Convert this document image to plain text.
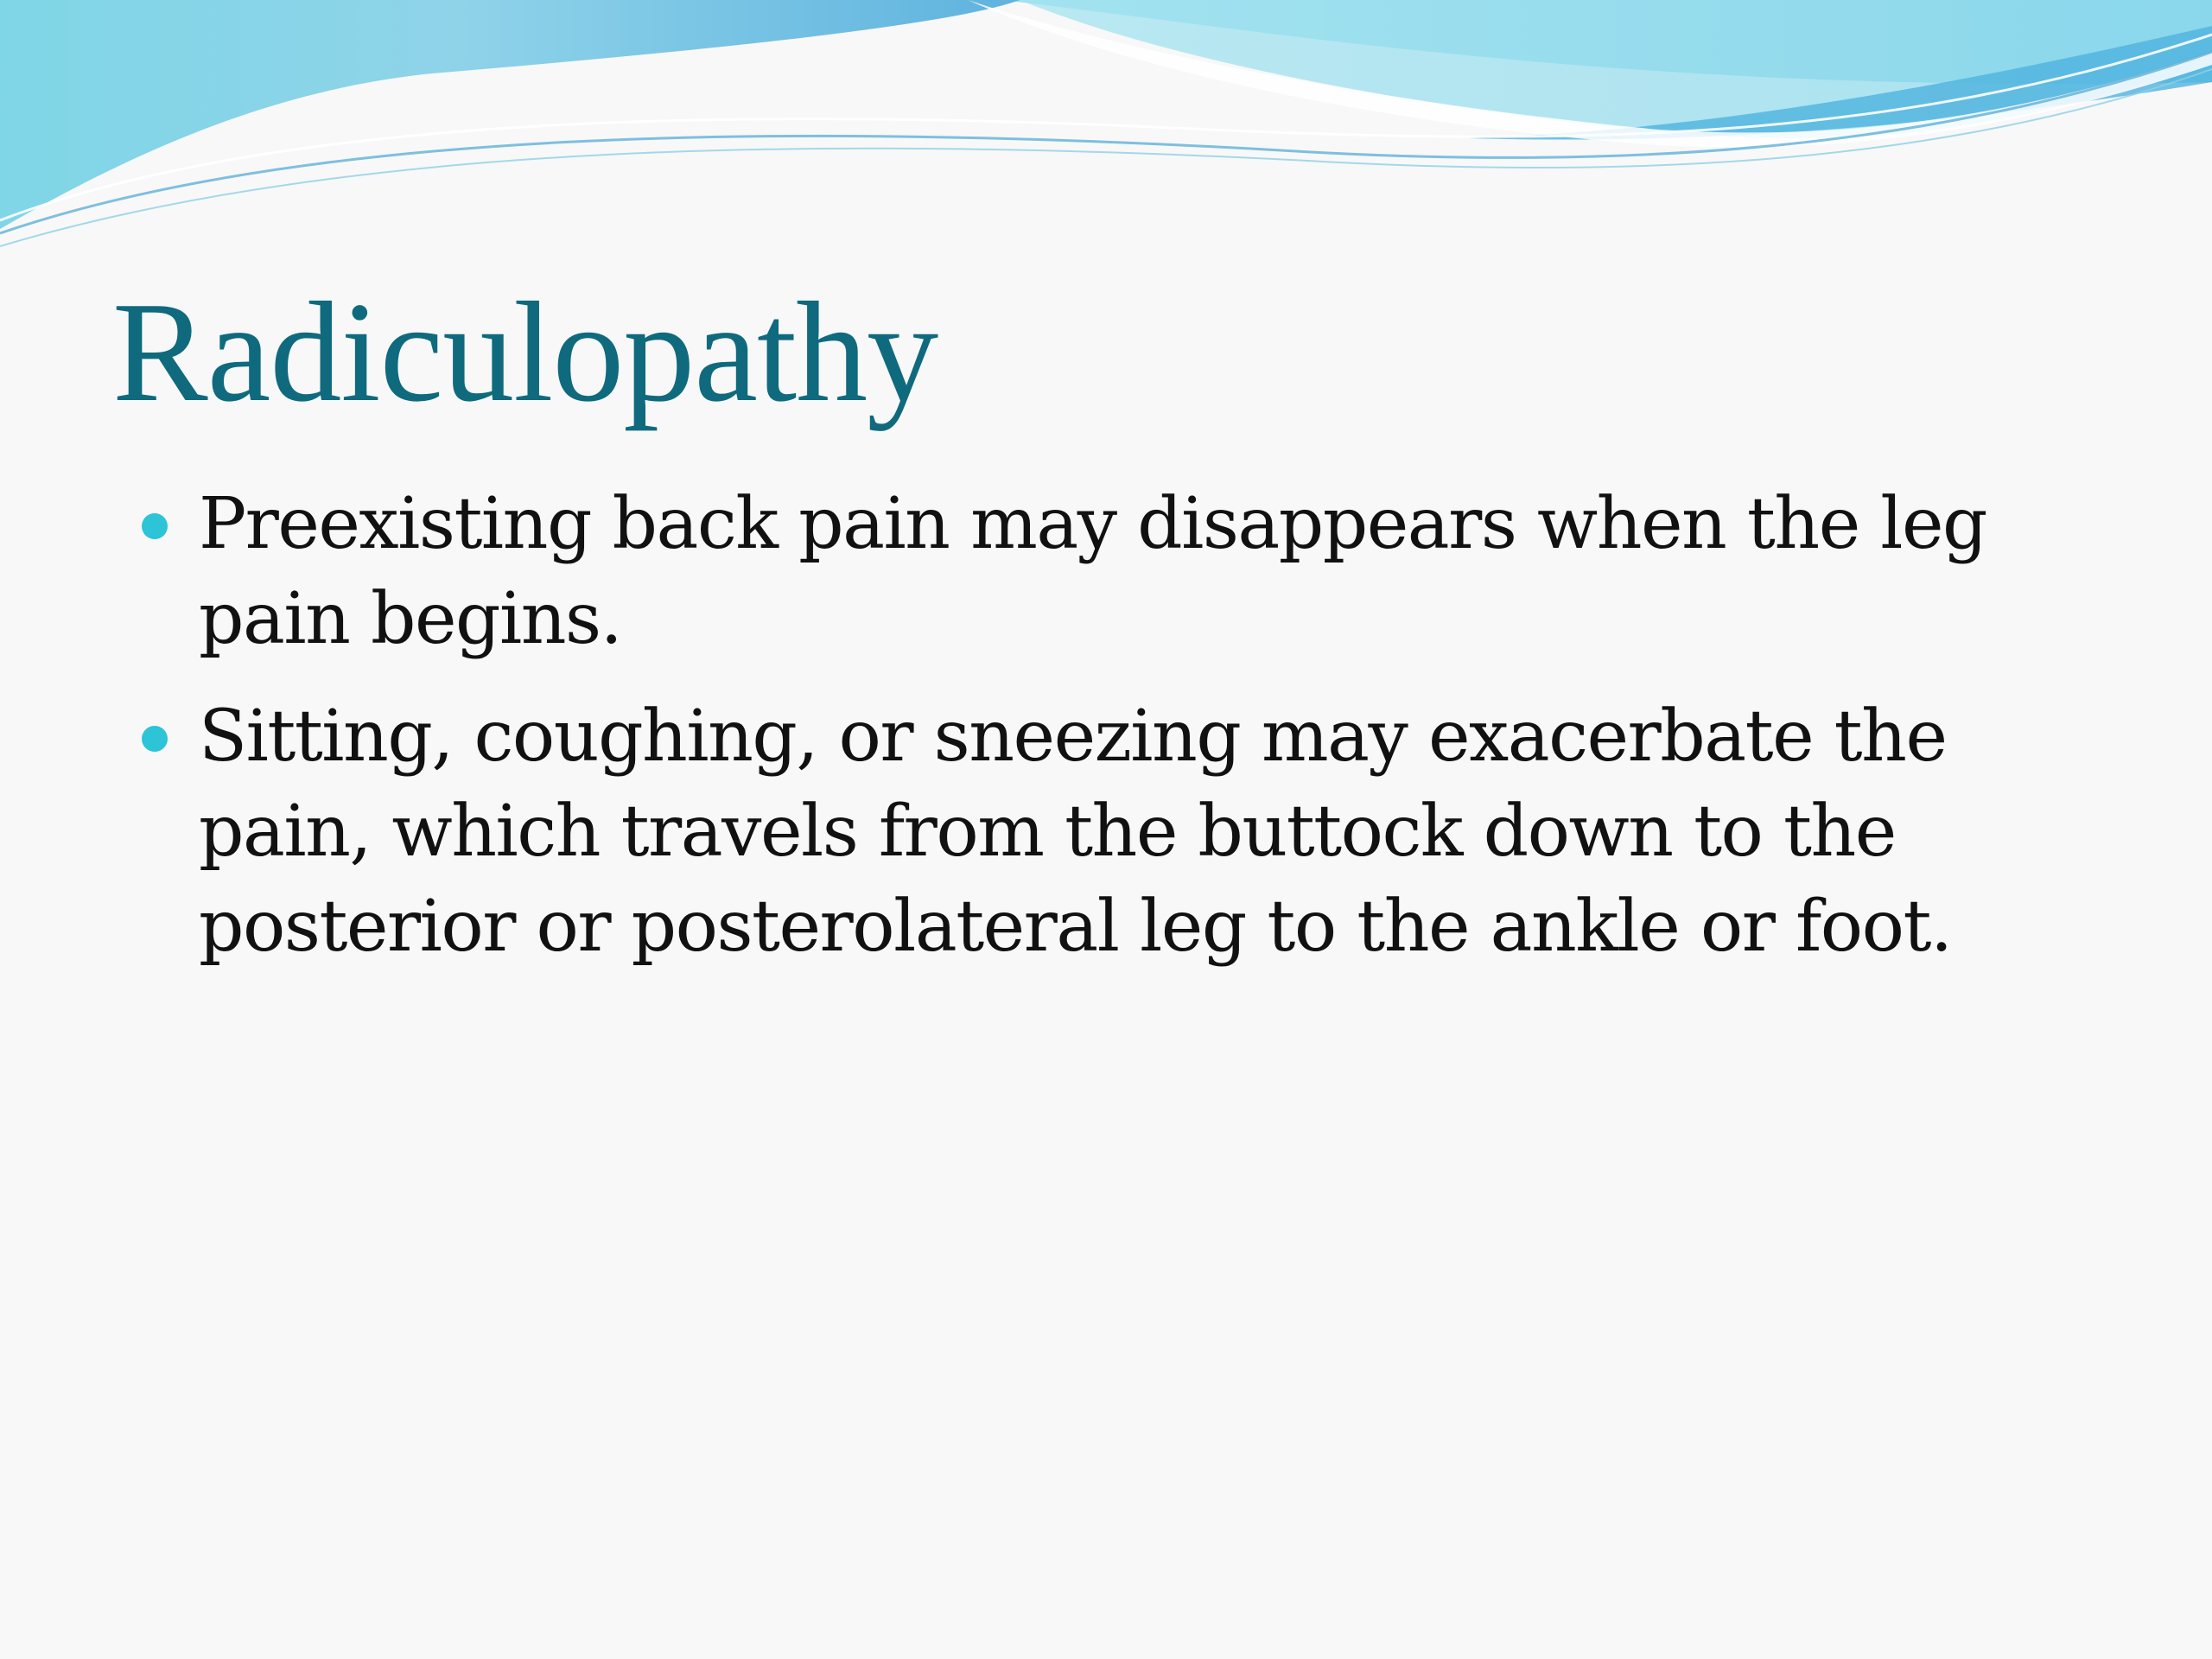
Radiculopathy
Preexisting back pain may disappears when the leg pain begins.
Sitting, coughing, or sneezing may exacerbate the pain, which travels from the buttock down to the posterior or posterolateral leg to the ankle or foot.
